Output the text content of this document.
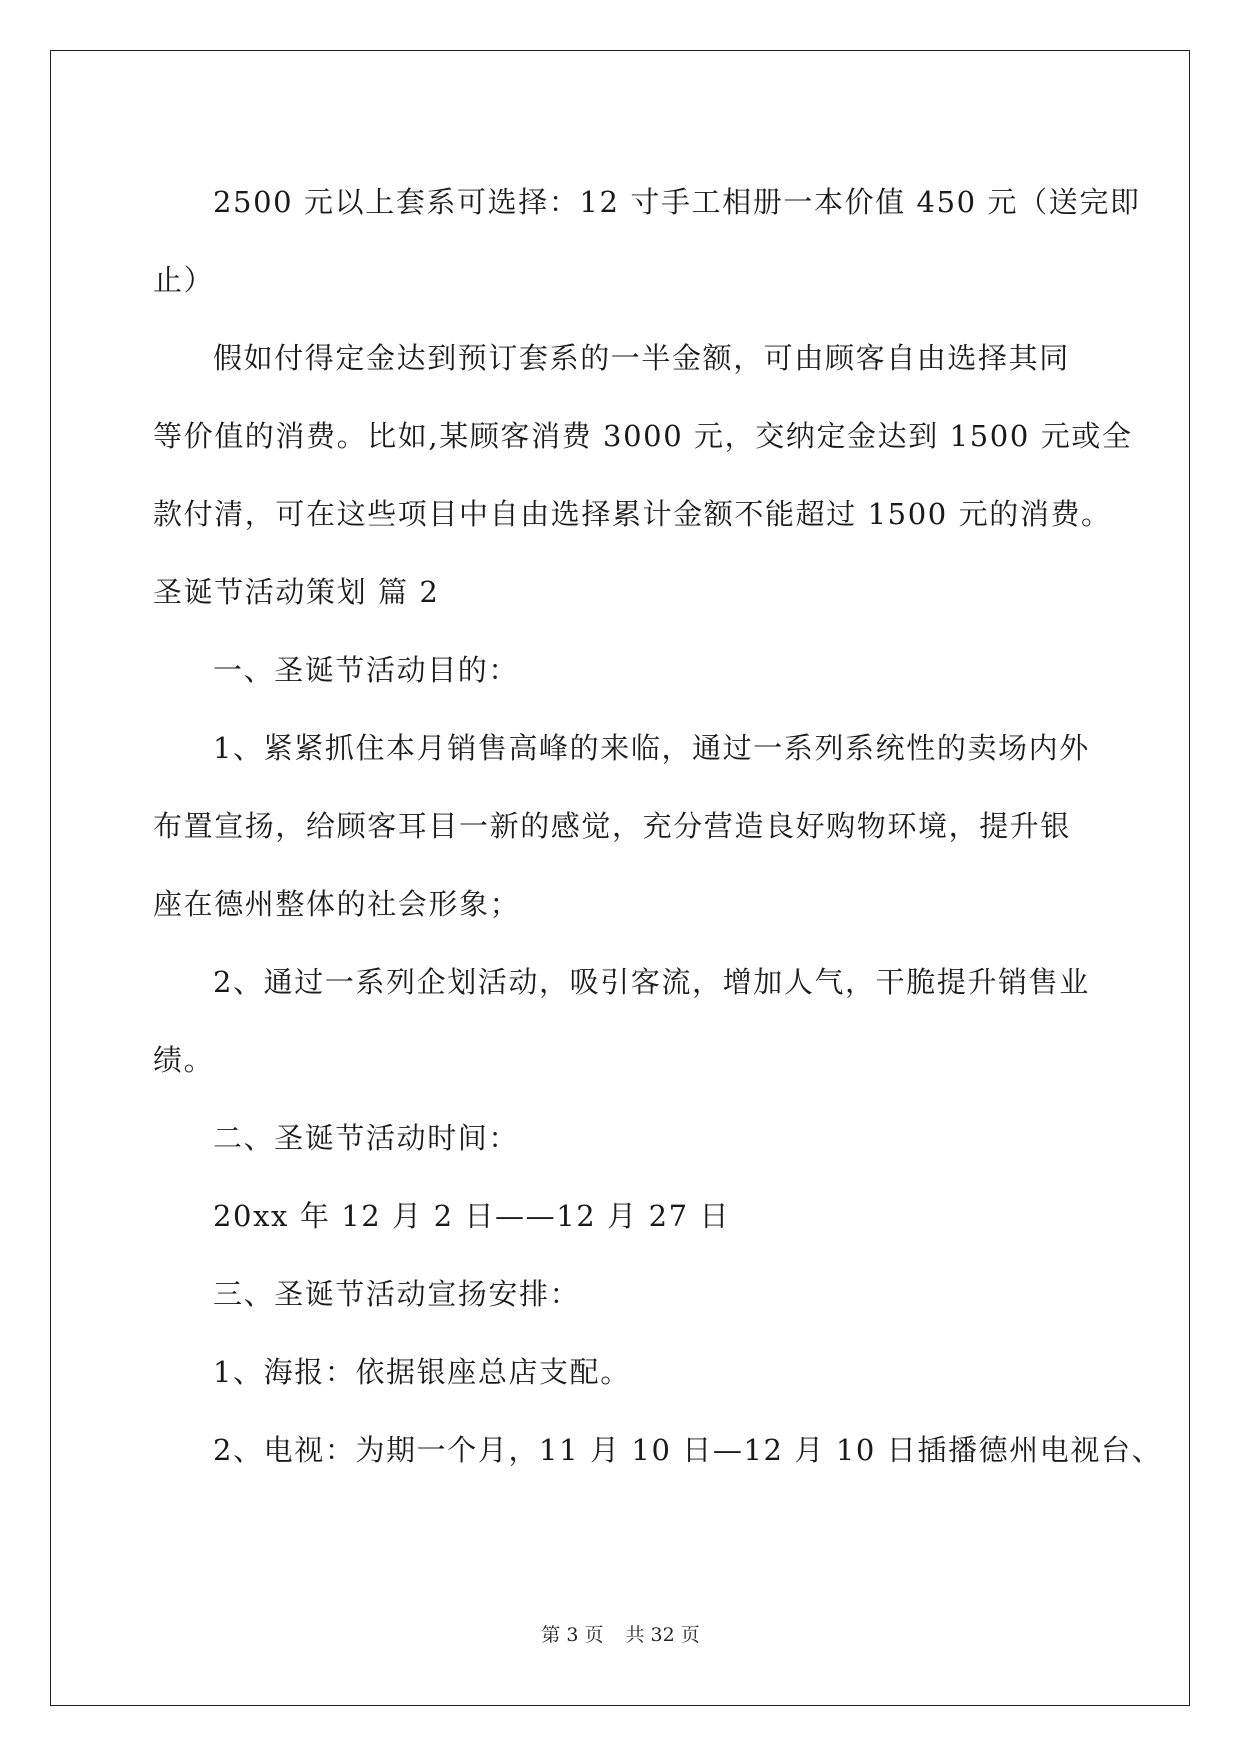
2500 元以上套系可选择：12 寸手工相册一本价值 450 元（送完即

止）

假如付得定金达到预订套系的一半金额，可由顾客自由选择其同

等价值的消费。比如,某顾客消费 3000 元，交纳定金达到 1500 元或全

款付清，可在这些项目中自由选择累计金额不能超过 1500 元的消费。

圣诞节活动策划 篇 2

一、圣诞节活动目的：

1、紧紧抓住本月销售高峰的来临，通过一系列系统性的卖场内外

布置宣扬，给顾客耳目一新的感觉，充分营造良好购物环境，提升银

座在德州整体的社会形象；

2、通过一系列企划活动，吸引客流，增加人气，干脆提升销售业

绩。

二、圣诞节活动时间：

20xx 年 12 月 2 日——12 月 27 日

三、圣诞节活动宣扬安排：

1、海报：依据银座总店支配。

2、电视：为期一个月，11 月 10 日—12 月 10 日插播德州电视台、

第 3 页 共 32 页
